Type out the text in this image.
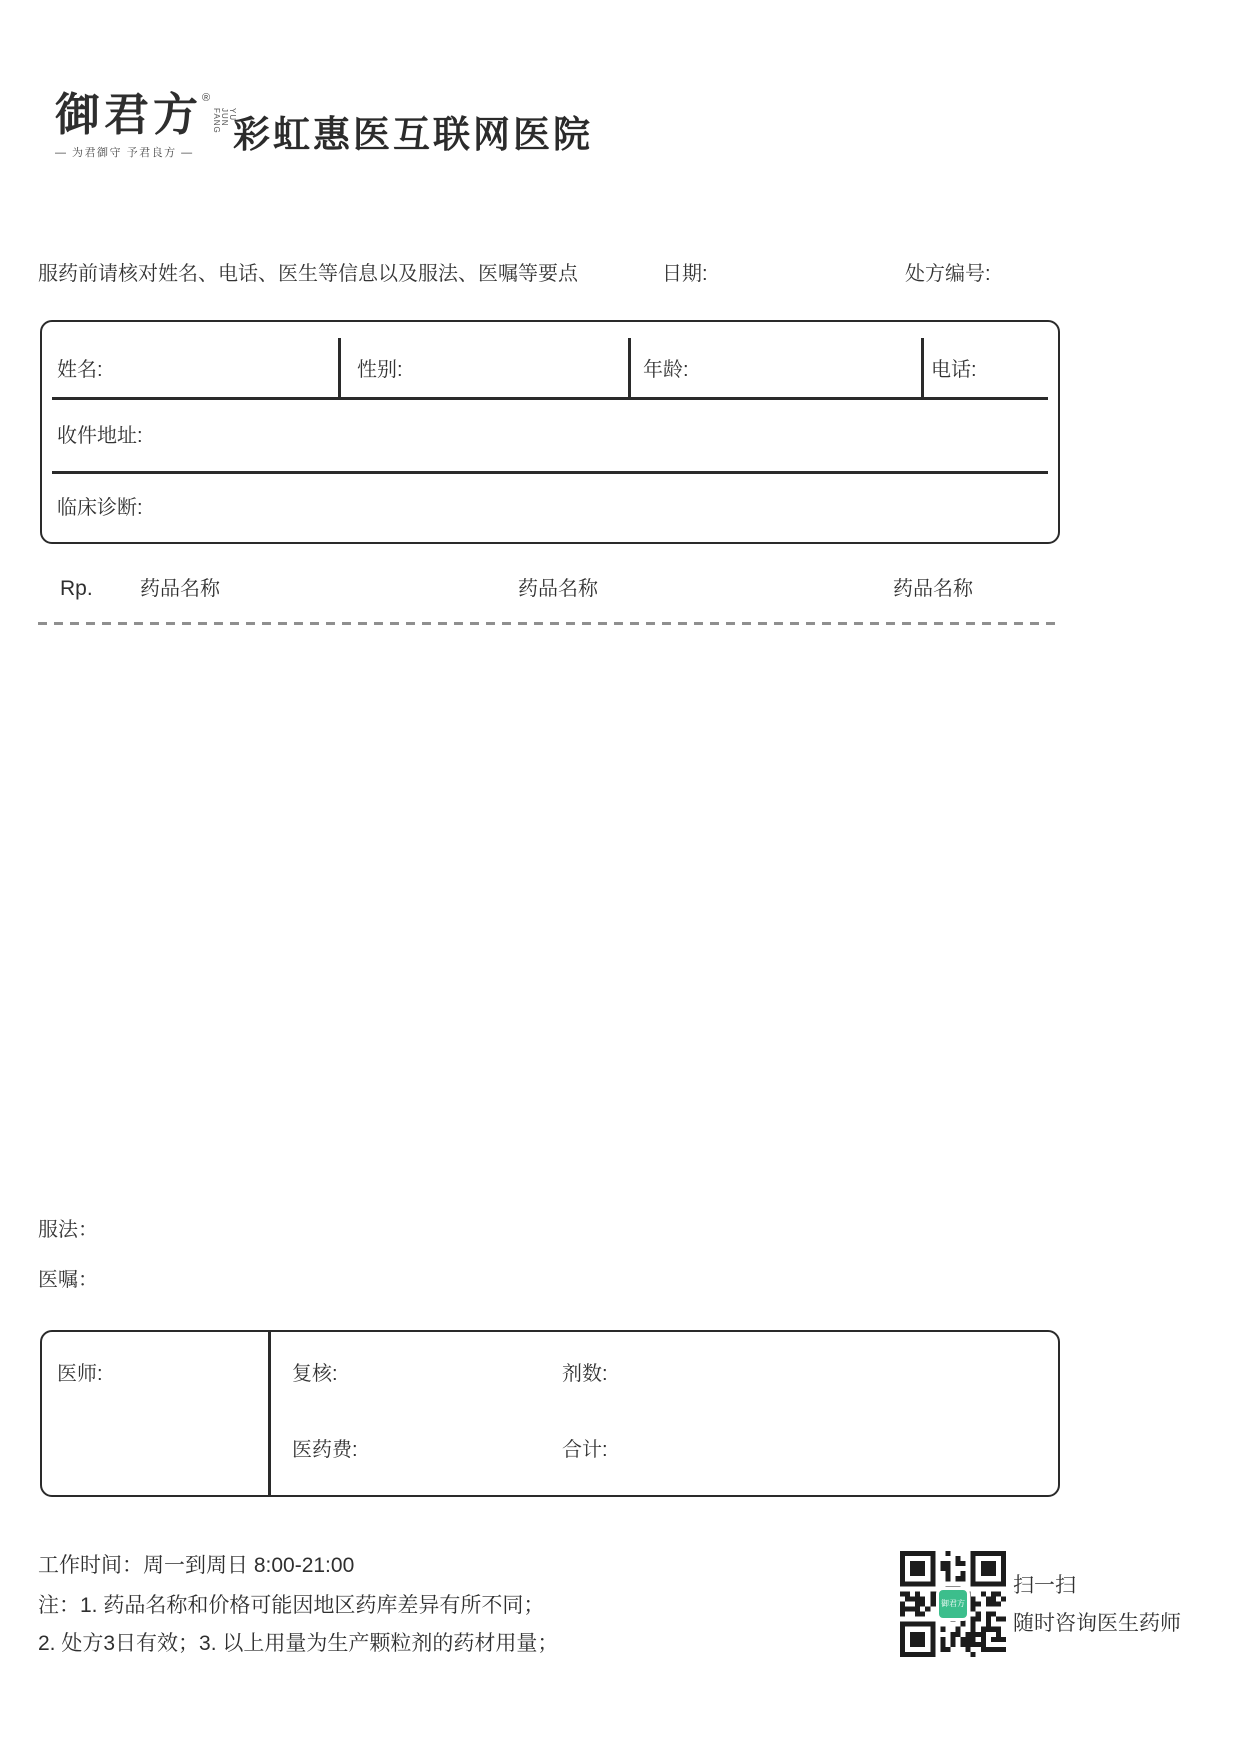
御君方®
YU JUN FANG
— 为君御守 予君良方 —	彩虹惠医互联网医院
服药前请核对姓名、电话、医生等信息以及服法、医嘱等要点	日期:	处方编号:
姓名:	性别:	年龄:	电话:
收件地址:
临床诊断:
Rp. 药品名称	药品名称	药品名称
服法：
医嘱：
医师:	复核:	剂数:
医药费:	合计:
工作时间：周一到周日 8:00-21:00
注：1. 药品名称和价格可能因地区药库差异有所不同；
2. 处方3日有效；3. 以上用量为生产颗粒剂的药材用量；
御君方
扫一扫
随时咨询医生药师
